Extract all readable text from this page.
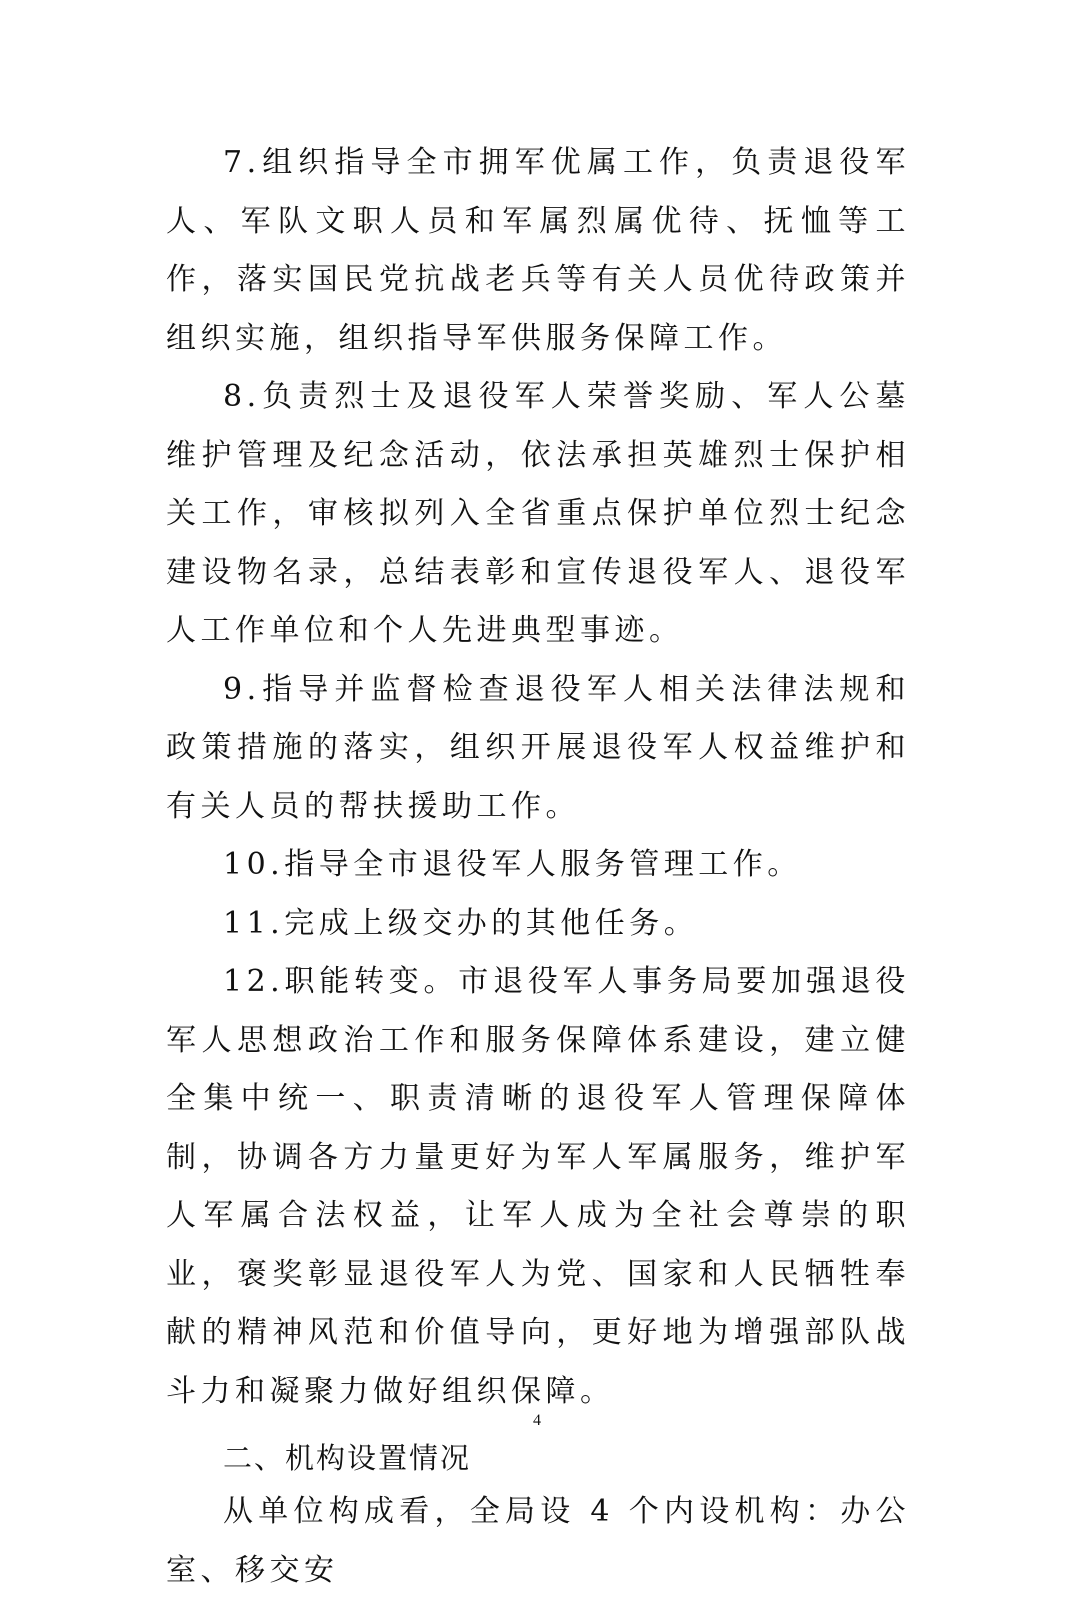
7.组织指导全市拥军优属工作，负责退役军人、军队文职人员和军属烈属优待、抚恤等工作，落实国民党抗战老兵等有关人员优待政策并组织实施，组织指导军供服务保障工作。

8.负责烈士及退役军人荣誉奖励、军人公墓维护管理及纪念活动，依法承担英雄烈士保护相关工作，审核拟列入全省重点保护单位烈士纪念建设物名录，总结表彰和宣传退役军人、退役军人工作单位和个人先进典型事迹。

9.指导并监督检查退役军人相关法律法规和政策措施的落实，组织开展退役军人权益维护和有关人员的帮扶援助工作。

10.指导全市退役军人服务管理工作。

11.完成上级交办的其他任务。

12.职能转变。市退役军人事务局要加强退役军人思想政治工作和服务保障体系建设，建立健全集中统一、职责清晰的退役军人管理保障体制，协调各方力量更好为军人军属服务，维护军人军属合法权益，让军人成为全社会尊崇的职业，褒奖彰显退役军人为党、国家和人民牺牲奉献的精神风范和价值导向，更好地为增强部队战斗力和凝聚力做好组织保障。

二、机构设置情况

从单位构成看，全局设 4 个内设机构：办公室、移交安

4
